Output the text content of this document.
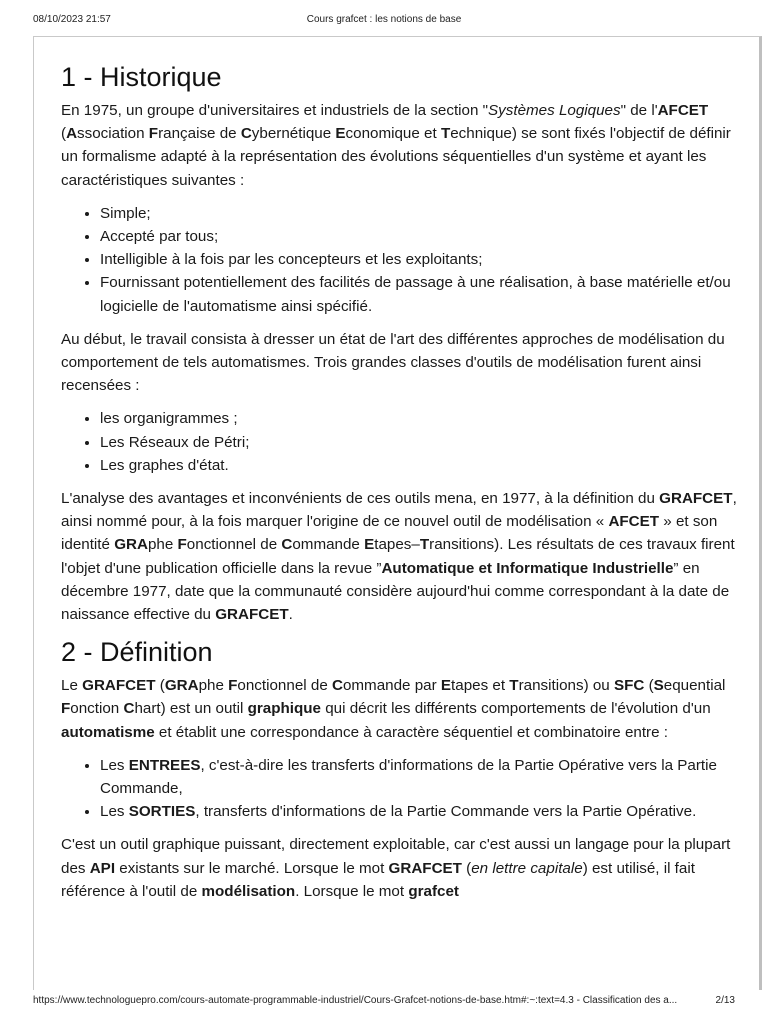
08/10/2023 21:57	Cours grafcet : les notions de base
1 - Historique

En 1975, un groupe d'universitaires et industriels de la section "Systèmes Logiques" de l'AFCET (Association Française de Cybernétique Economique et Technique) se sont fixés l'objectif de définir un formalisme adapté à la représentation des évolutions séquentielles d'un système et ayant les caractéristiques suivantes :

• Simple;
• Accepté par tous;
• Intelligible à la fois par les concepteurs et les exploitants;
• Fournissant potentiellement des facilités de passage à une réalisation, à base matérielle et/ou logicielle de l'automatisme ainsi spécifié.

Au début, le travail consista à dresser un état de l'art des différentes approches de modélisation du comportement de tels automatismes. Trois grandes classes d'outils de modélisation furent ainsi recensées :

• les organigrammes ;
• Les Réseaux de Pétri;
• Les graphes d'état.

L'analyse des avantages et inconvénients de ces outils mena, en 1977, à la définition du GRAFCET, ainsi nommé pour, à la fois marquer l'origine de ce nouvel outil de modélisation « AFCET » et son identité GRAphe Fonctionnel de Commande Etapes–Transitions). Les résultats de ces travaux firent l'objet d'une publication officielle dans la revue ”Automatique et Informatique Industrielle” en décembre 1977, date que la communauté considère aujourd'hui comme correspondant à la date de naissance effective du GRAFCET.

2 - Définition

Le GRAFCET (GRAphe Fonctionnel de Commande par Etapes et Transitions) ou SFC (Sequential Fonction Chart) est un outil graphique qui décrit les différents comportements de l'évolution d'un automatisme et établit une correspondance à caractère séquentiel et combinatoire entre :

• Les ENTREES, c'est-à-dire les transferts d'informations de la Partie Opérative vers la Partie Commande,
• Les SORTIES, transferts d'informations de la Partie Commande vers la Partie Opérative.

C'est un outil graphique puissant, directement exploitable, car c'est aussi un langage pour la plupart des API existants sur le marché. Lorsque le mot GRAFCET (en lettre capitale) est utilisé, il fait référence à l'outil de modélisation. Lorsque le mot grafcet

https://www.technologuepro.com/cours-automate-programmable-industriel/Cours-Grafcet-notions-de-base.htm#:~:text=4.3 - Classification des a...	2/13
